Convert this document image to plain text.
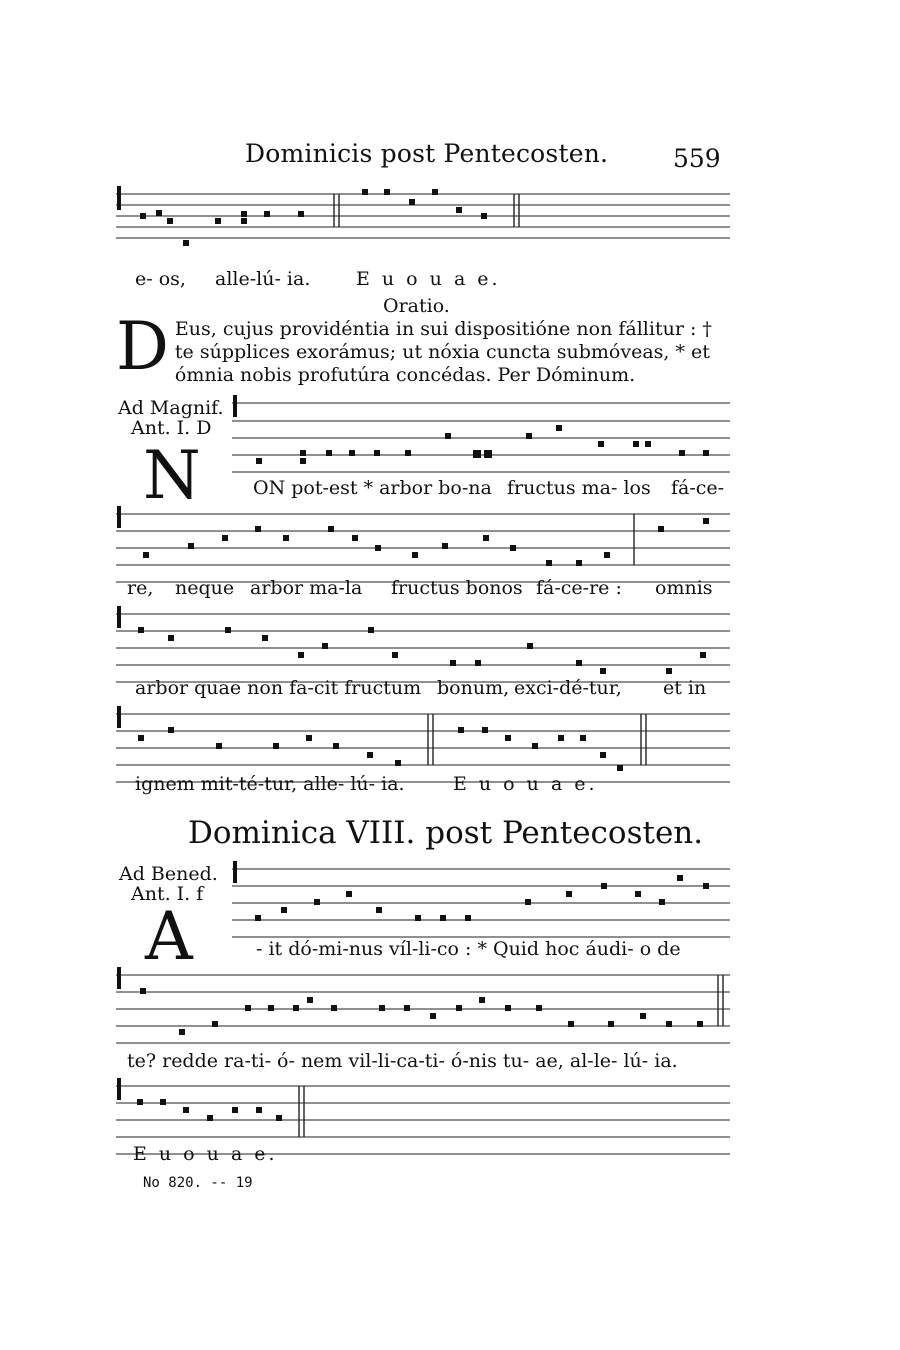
Dominicis post Pentecosten.	559
e- os, alle-lú- ia. E u o u a e.
Oratio.
D Eus, cujus providéntia in sui dispositióne non fállitur : † te súpplices exorámus; ut nóxia cuncta submóveas, * et ómnia nobis profutúra concédas. Per Dóminum.
Ad Magnif.
Ant. I. D
N	ON pot-est * arbor bo-na fructus ma- los fá-ce-
re, neque arbor ma-la fructus bonos fá-ce-re : omnis
arbor quae non fa-cit fructum bonum, exci-dé-tur, et in
ignem mit-té-tur, alle- lú- ia.	E u o u a e.
Dominica VIII. post Pentecosten.
Ad Bened.
Ant. I. f
A	- it dó-mi-nus víl-li-co : * Quid hoc áudi- o de
te? redde ra-ti- ó- nem vil-li-ca-ti- ó-nis tu- ae, al-le- lú- ia.
E u o u a e.
No 820. -- 19
